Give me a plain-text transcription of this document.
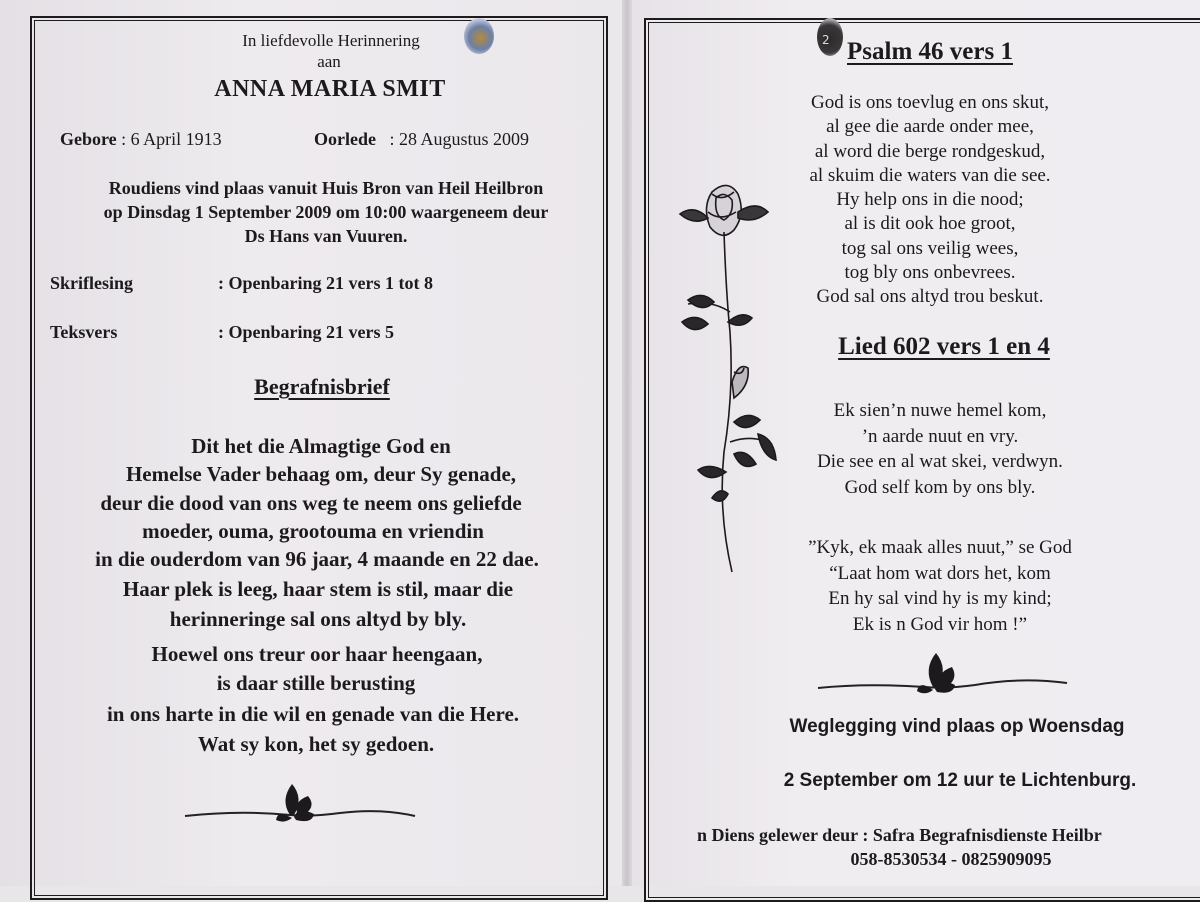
2
In liefdevolle Herinnering
aan
ANNA MARIA SMIT
Gebore : 6 April 1913	Oorlede : 28 Augustus 2009
Roudiens vind plaas vanuit Huis Bron van Heil Heilbron
op Dinsdag 1 September 2009 om 10:00 waargeneem deur
Ds Hans van Vuuren.
Skriflesing	: Openbaring 21 vers 1 tot 8
Teksvers	: Openbaring 21 vers 5
Begrafnisbrief
Dit het die Almagtige God en
Hemelse Vader behaag om, deur Sy genade,
deur die dood van ons weg te neem ons geliefde
moeder, ouma, grootouma en vriendin
in die ouderdom van 96 jaar, 4 maande en 22 dae.
Haar plek is leeg, haar stem is stil, maar die
herinneringe sal ons altyd by bly.
Hoewel ons treur oor haar heengaan,
is daar stille berusting
in ons harte in die wil en genade van die Here.
Wat sy kon, het sy gedoen.
Psalm 46 vers 1
God is ons toevlug en ons skut,
al gee die aarde onder mee,
al word die berge rondgeskud,
al skuim die waters van die see.
Hy help ons in die nood;
al is dit ook hoe groot,
tog sal ons veilig wees,
tog bly ons onbevrees.
God sal ons altyd trou beskut.
Lied 602 vers 1 en 4
Ek sienʼn nuwe hemel kom,
ʼn aarde nuut en vry.
Die see en al wat skei, verdwyn.
God self kom by ons bly.
”Kyk, ek maak alles nuut,” se God
“Laat hom wat dors het, kom
En hy sal vind hy is my kind;
Ek is n God vir hom !”
Weglegging vind plaas op Woensdag
2 September om 12 uur te Lichtenburg.
n Diens gelewer deur : Safra Begrafnisdienste Heilbr
058-8530534 - 0825909095
